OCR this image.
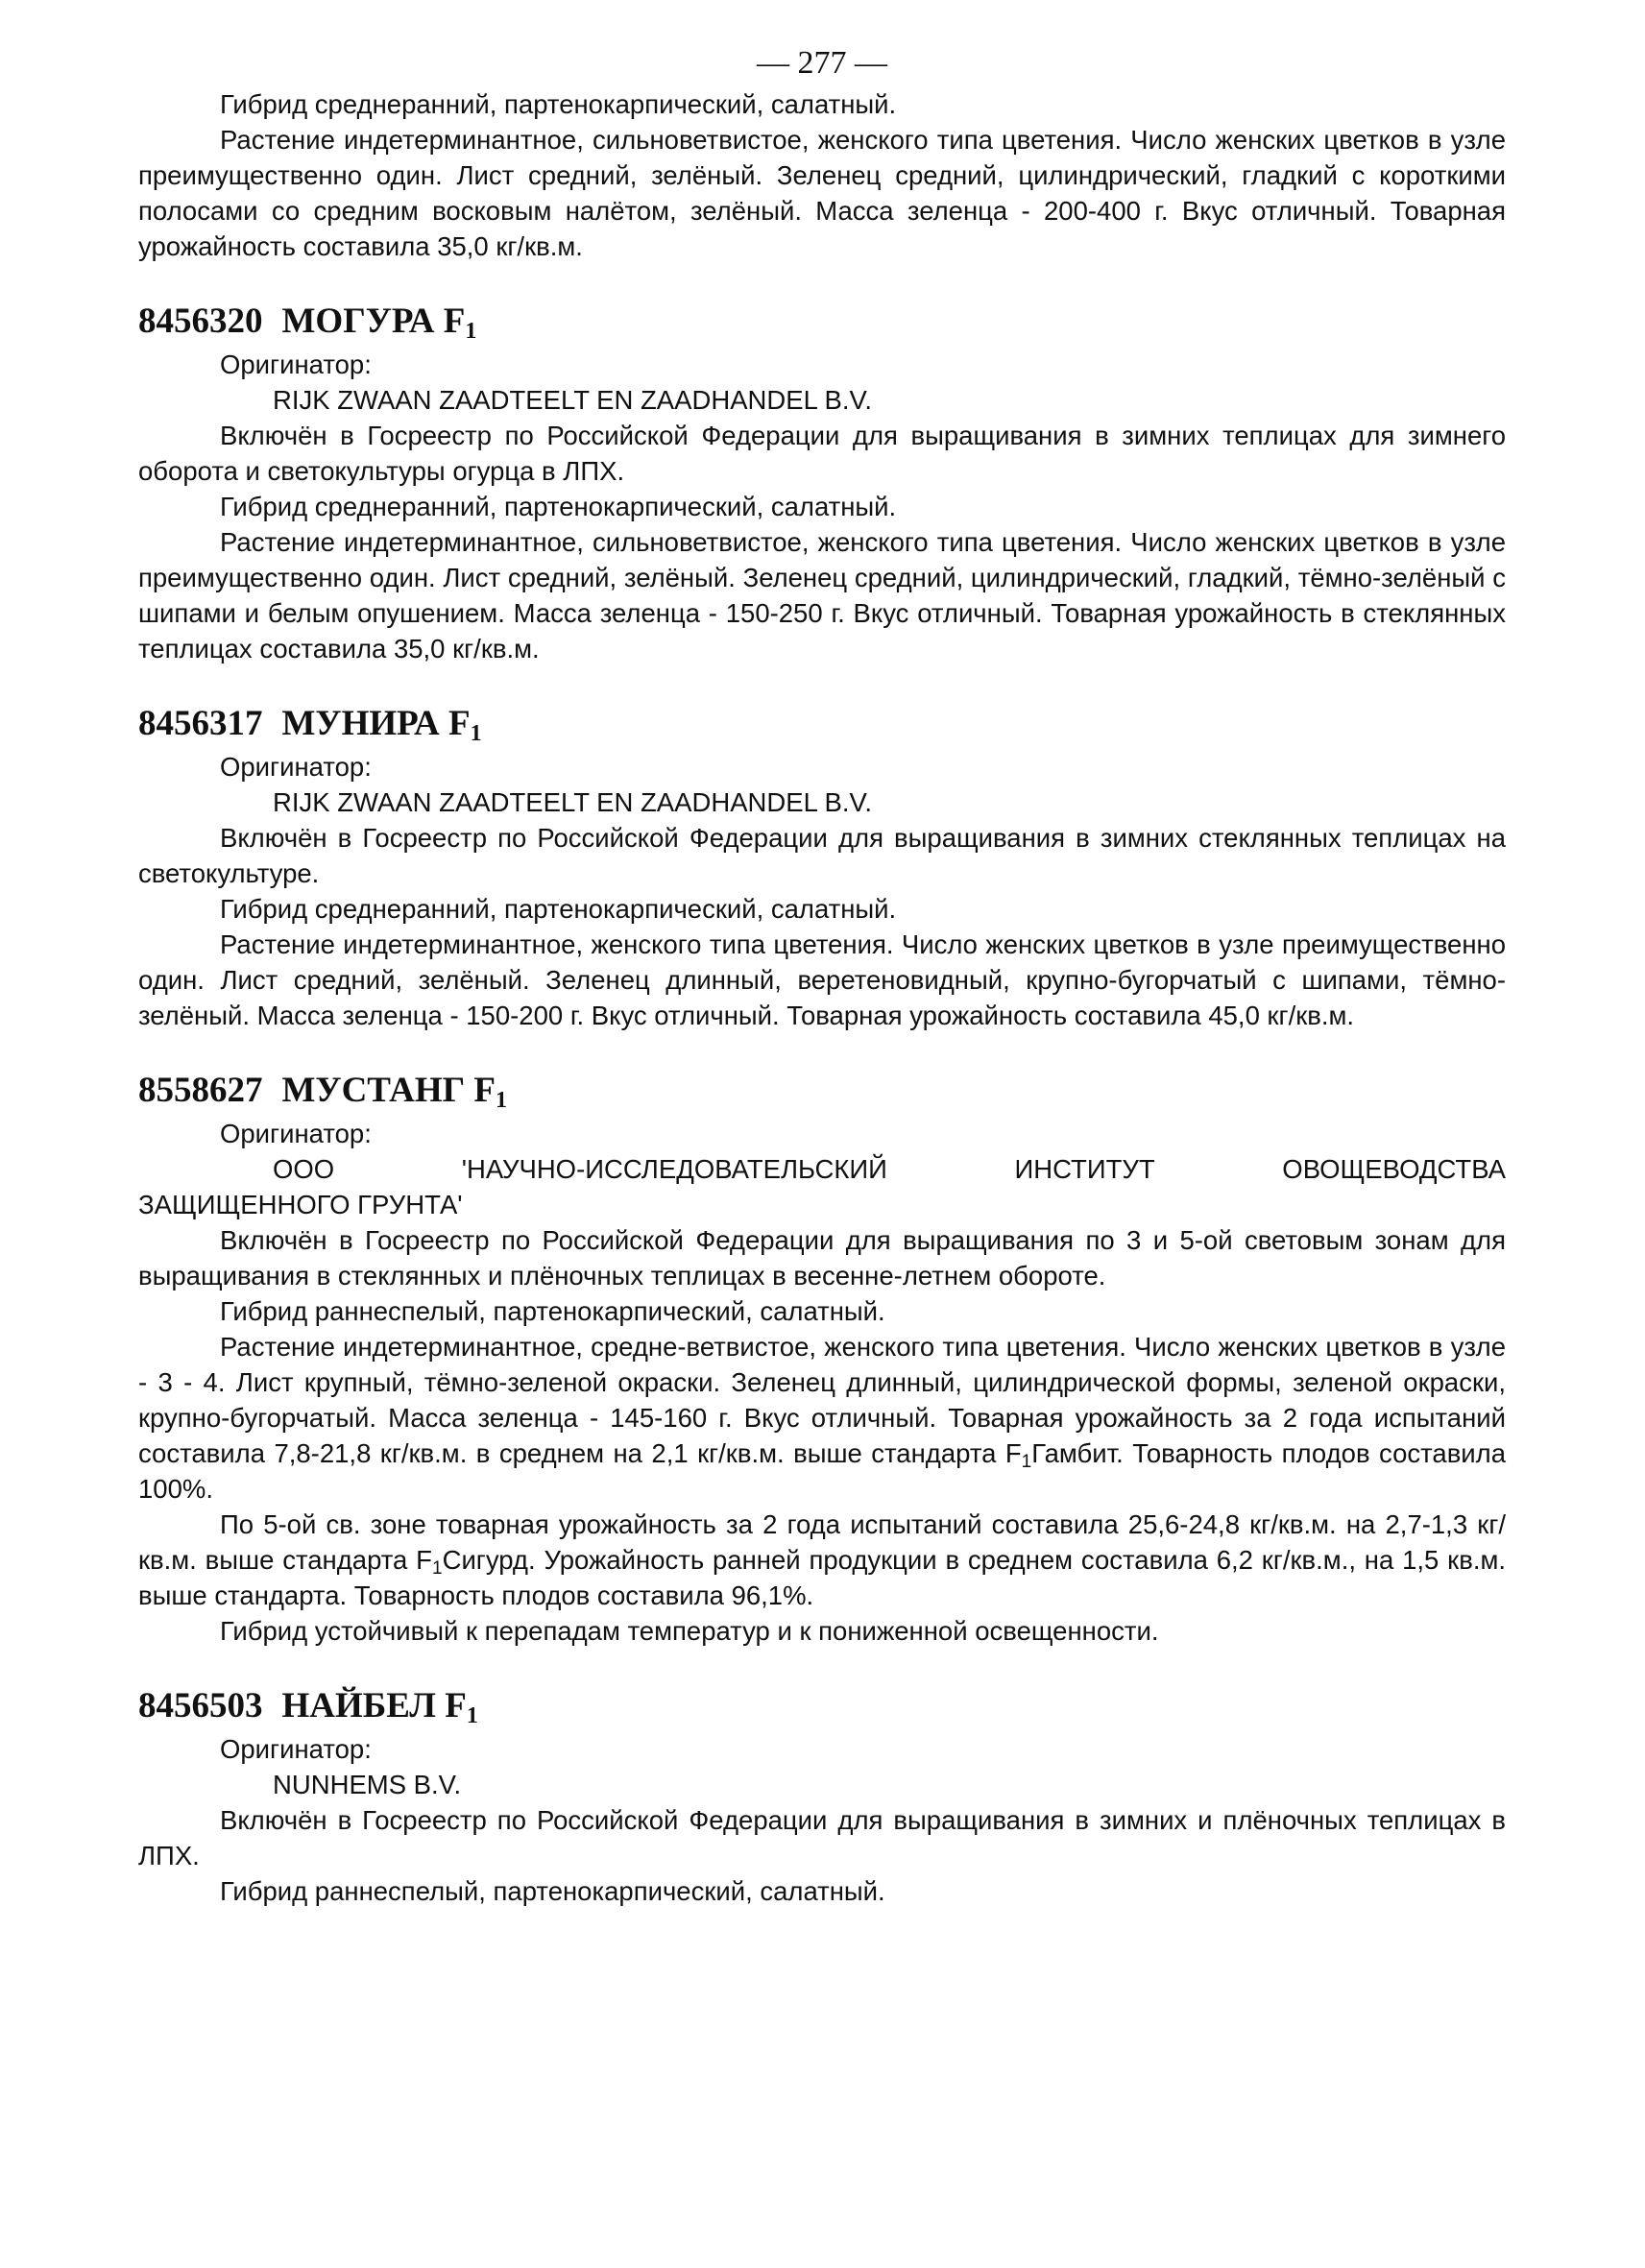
— 277 —

Гибрид среднеранний, партенокарпический, салатный.

Растение индетерминантное, сильноветвистое, женского типа цветения. Число женских цветков в узле преимущественно один. Лист средний, зелёный. Зеленец средний, цилиндрический, гладкий с короткими полосами со средним восковым налётом, зелёный. Масса зеленца - 200-400 г. Вкус отличный. Товарная урожайность составила 35,0 кг/кв.м.

8456320 МОГУРА $F_1$

Оригинатор:

RIJK ZWAAN ZAADTEELT EN ZAADHANDEL B.V.

Включён в Госреестр по Российской Федерации для выращивания в зимних теплицах для зимнего оборота и светокультуры огурца в ЛПХ.

Гибрид среднеранний, партенокарпический, салатный.

Растение индетерминантное, сильноветвистое, женского типа цветения. Число женских цветков в узле преимущественно один. Лист средний, зелёный. Зеленец средний, цилиндрический, гладкий, тёмно-зелёный с шипами и белым опушением. Масса зеленца - 150-250 г. Вкус отличный. Товарная урожайность в стеклянных теплицах составила 35,0 кг/кв.м.

8456317 МУНИРА $F_1$

Оригинатор:

RIJK ZWAAN ZAADTEELT EN ZAADHANDEL B.V.

Включён в Госреестр по Российской Федерации для выращивания в зимних стеклянных теплицах на светокультуре.

Гибрид среднеранний, партенокарпический, салатный.

Растение индетерминантное, женского типа цветения. Число женских цветков в узле преимущественно один. Лист средний, зелёный. Зеленец длинный, веретеновидный, крупно-бугорчатый с шипами, тёмно-зелёный. Масса зеленца - 150-200 г. Вкус отличный. Товарная урожайность составила 45,0 кг/кв.м.

8558627 МУСТАНГ $F_1$

Оригинатор:

ООО 'НАУЧНО-ИССЛЕДОВАТЕЛЬСКИЙ ИНСТИТУТ ОВОЩЕВОДСТВА

ЗАЩИЩЕННОГО ГРУНТА'

Включён в Госреестр по Российской Федерации для выращивания по 3 и 5-ой световым зонам для выращивания в стеклянных и плёночных теплицах в весенне-летнем обороте.

Гибрид раннеспелый, партенокарпический, салатный.

Растение индетерминантное, средне-ветвистое, женского типа цветения. Число женских цветков в узле - 3 - 4. Лист крупный, тёмно-зеленой окраски. Зеленец длинный, цилиндрической формы, зеленой окраски, крупно-бугорчатый. Масса зеленца - 145-160 г. Вкус отличный. Товарная урожайность за 2 года испытаний составила 7,8-21,8 кг/кв.м. в среднем на 2,1 кг/кв.м. выше стандарта F1Гамбит. Товарность плодов составила 100%.

По 5-ой св. зоне товарная урожайность за 2 года испытаний составила 25,6-24,8 кг/кв.м. на 2,7-1,3 кг/кв.м. выше стандарта F1Сигурд. Урожайность ранней продукции в среднем составила 6,2 кг/кв.м., на 1,5 кв.м. выше стандарта. Товарность плодов составила 96,1%.

Гибрид устойчивый к перепадам температур и к пониженной освещенности.

8456503 НАЙБЕЛ $F_1$

Оригинатор:

NUNHEMS B.V.

Включён в Госреестр по Российской Федерации для выращивания в зимних и плёночных теплицах в ЛПХ.

Гибрид раннеспелый, партенокарпический, салатный.
